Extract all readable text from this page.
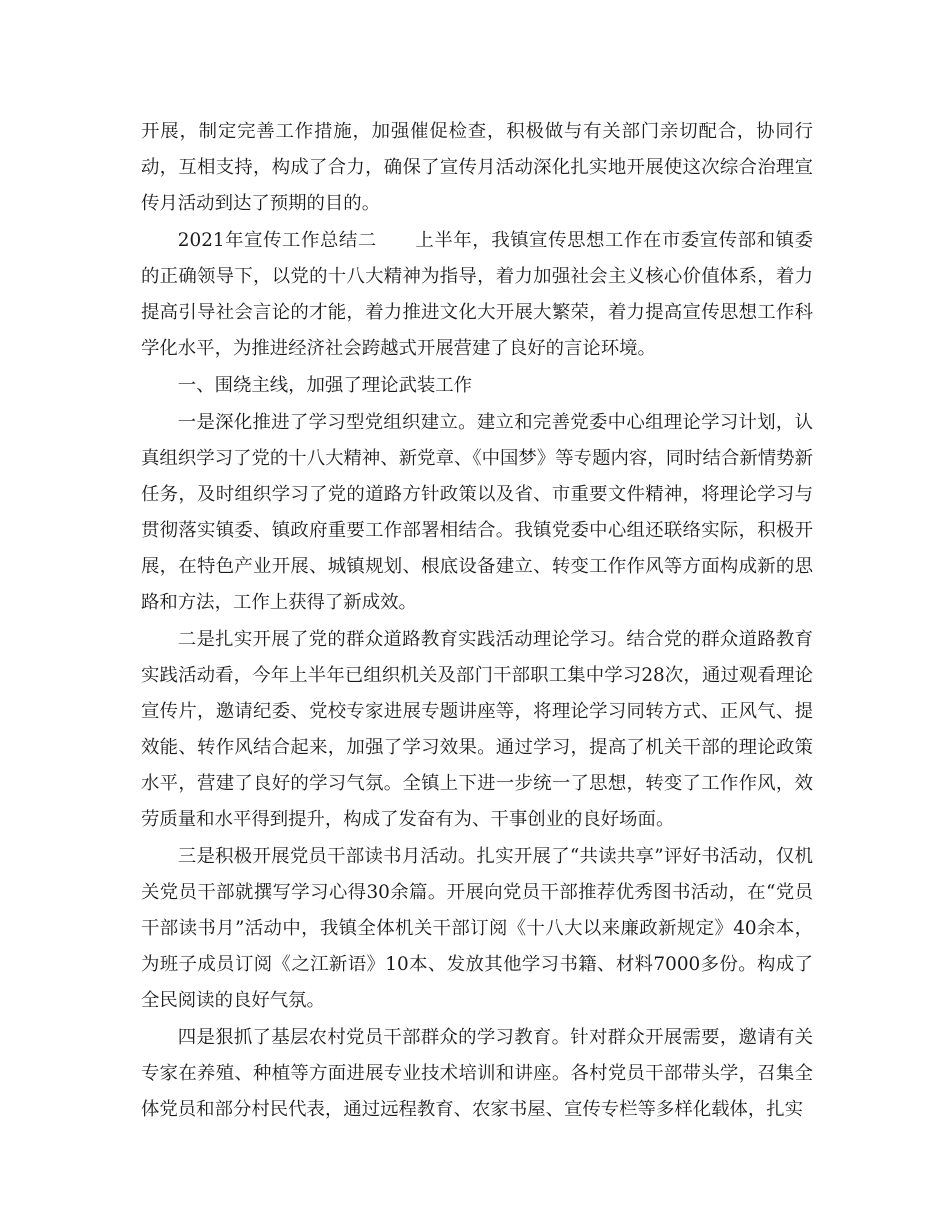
开展，制定完善工作措施，加强催促检查，积极做与有关部门亲切配合，协同行动，互相支持，构成了合力，确保了宣传月活动深化扎实地开展使这次综合治理宣传月活动到达了预期的目的。

2021年宣传工作总结二 上半年，我镇宣传思想工作在市委宣传部和镇委的正确领导下，以党的十八大精神为指导，着力加强社会主义核心价值体系，着力提高引导社会言论的才能，着力推进文化大开展大繁荣，着力提高宣传思想工作科学化水平，为推进经济社会跨越式开展营建了良好的言论环境。

一、围绕主线，加强了理论武装工作

一是深化推进了学习型党组织建立。建立和完善党委中心组理论学习计划，认真组织学习了党的十八大精神、新党章、《中国梦》等专题内容，同时结合新情势新任务，及时组织学习了党的道路方针政策以及省、市重要文件精神，将理论学习与贯彻落实镇委、镇政府重要工作部署相结合。我镇党委中心组还联络实际，积极开展，在特色产业开展、城镇规划、根底设备建立、转变工作作风等方面构成新的思路和方法，工作上获得了新成效。

二是扎实开展了党的群众道路教育实践活动理论学习。结合党的群众道路教育实践活动看，今年上半年已组织机关及部门干部职工集中学习28次，通过观看理论宣传片，邀请纪委、党校专家进展专题讲座等，将理论学习同转方式、正风气、提效能、转作风结合起来，加强了学习效果。通过学习，提高了机关干部的理论政策水平，营建了良好的学习气氛。全镇上下进一步统一了思想，转变了工作作风，效劳质量和水平得到提升，构成了发奋有为、干事创业的良好场面。

三是积极开展党员干部读书月活动。扎实开展了“共读共享”评好书活动，仅机关党员干部就撰写学习心得30余篇。开展向党员干部推荐优秀图书活动，在“党员干部读书月”活动中，我镇全体机关干部订阅《十八大以来廉政新规定》40余本，为班子成员订阅《之江新语》10本、发放其他学习书籍、材料7000多份。构成了全民阅读的良好气氛。

四是狠抓了基层农村党员干部群众的学习教育。针对群众开展需要，邀请有关专家在养殖、种植等方面进展专业技术培训和讲座。各村党员干部带头学，召集全体党员和部分村民代表，通过远程教育、农家书屋、宣传专栏等多样化载体，扎实
